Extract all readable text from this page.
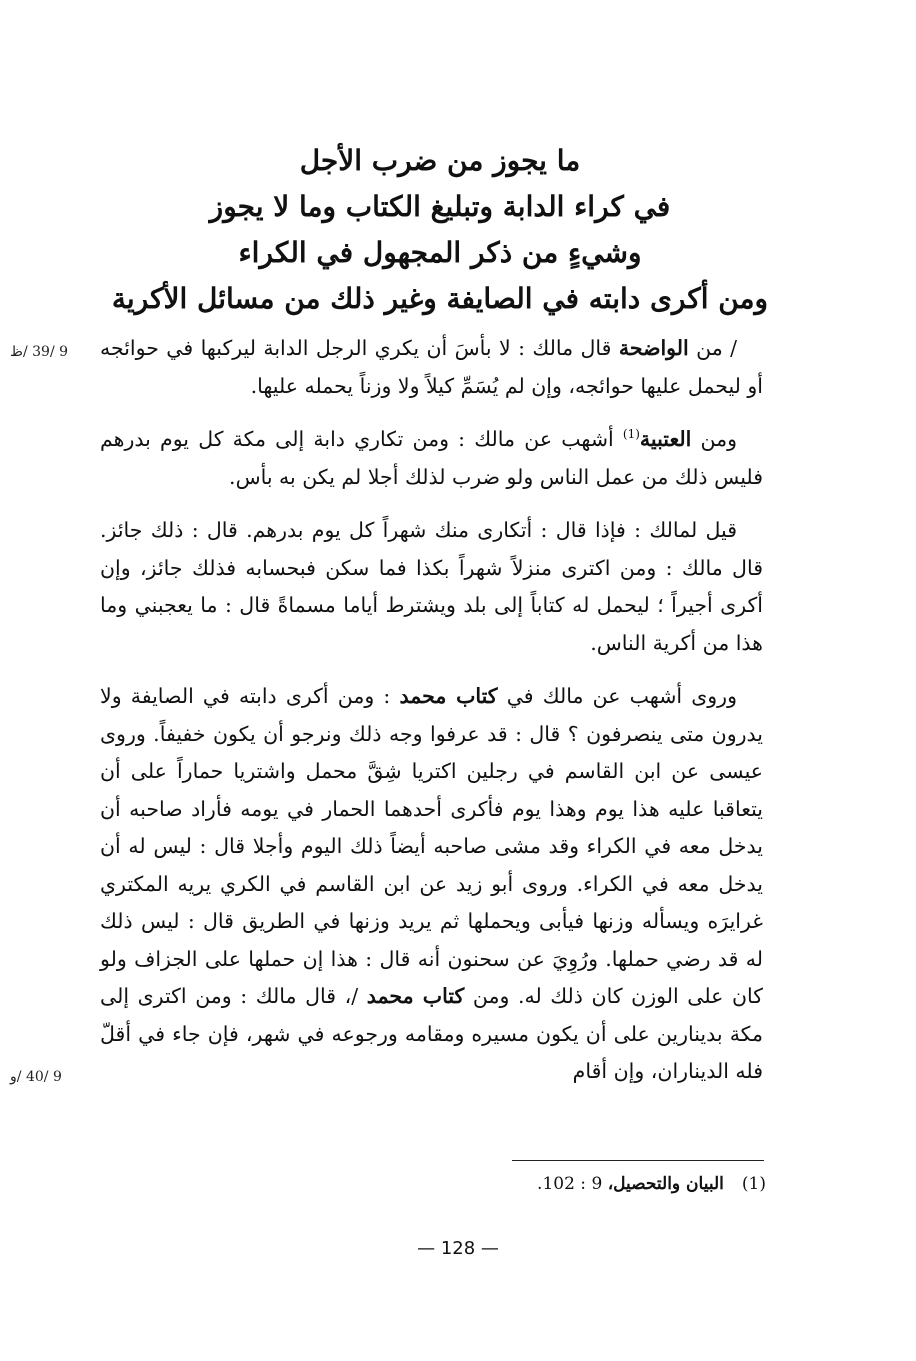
ما يجوز من ضرب الأجل
في كراء الدابة وتبليغ الكتاب وما لا يجوز
وشيءٍ من ذكر المجهول في الكراء
ومن أكرى دابته في الصايفة وغير ذلك من مسائل الأكرية
9 /39 /ظ
9 /40 /و

/ من الواضحة قال مالك : لا بأسَ أن يكري الرجل الدابة ليركبها في حوائجه أو ليحمل عليها حوائجه، وإن لم يُسَمِّ كيلاً ولا وزناً يحمله عليها.

ومن العتبية$^{(1)}$ أشهب عن مالك : ومن تكاري دابة إلى مكة كل يوم بدرهم فليس ذلك من عمل الناس ولو ضرب لذلك أجلا لم يكن به بأس.

قيل لمالك : فإذا قال : أتكارى منك شهراً كل يوم بدرهم. قال : ذلك جائز. قال مالك : ومن اكترى منزلاً شهراً بكذا فما سكن فبحسابه فذلك جائز، وإن أكرى أجيراً ؛ ليحمل له كتاباً إلى بلد ويشترط أياما مسماةً قال : ما يعجبني وما هذا من أكرية الناس.

وروى أشهب عن مالك في كتاب محمد : ومن أكرى دابته في الصايفة ولا يدرون متى ينصرفون ؟ قال : قد عرفوا وجه ذلك ونرجو أن يكون خفيفاً. وروى عيسى عن ابن القاسم في رجلين اكتريا شِقَّ محمل واشتريا حماراً على أن يتعاقبا عليه هذا يوم وهذا يوم فأكرى أحدهما الحمار في يومه فأراد صاحبه أن يدخل معه في الكراء وقد مشى صاحبه أيضاً ذلك اليوم وأجلا قال : ليس له أن يدخل معه في الكراء. وروى أبو زيد عن ابن القاسم في الكري يريه المكتري غرايرَه ويسأله وزنها فيأبى ويحملها ثم يريد وزنها في الطريق قال : ليس ذلك له قد رضي حملها. ورُوِيَ عن سحنون أنه قال : هذا إن حملها على الجزاف ولو كان على الوزن كان ذلك له. ومن كتاب محمد /، قال مالك : ومن اكترى إلى مكة بدينارين على أن يكون مسيره ومقامه ورجوعه في شهر، فإن جاء في أقلّ فله الديناران، وإن أقام

(1)البيان والتحصيل، 9 : 102.
— 128 —
